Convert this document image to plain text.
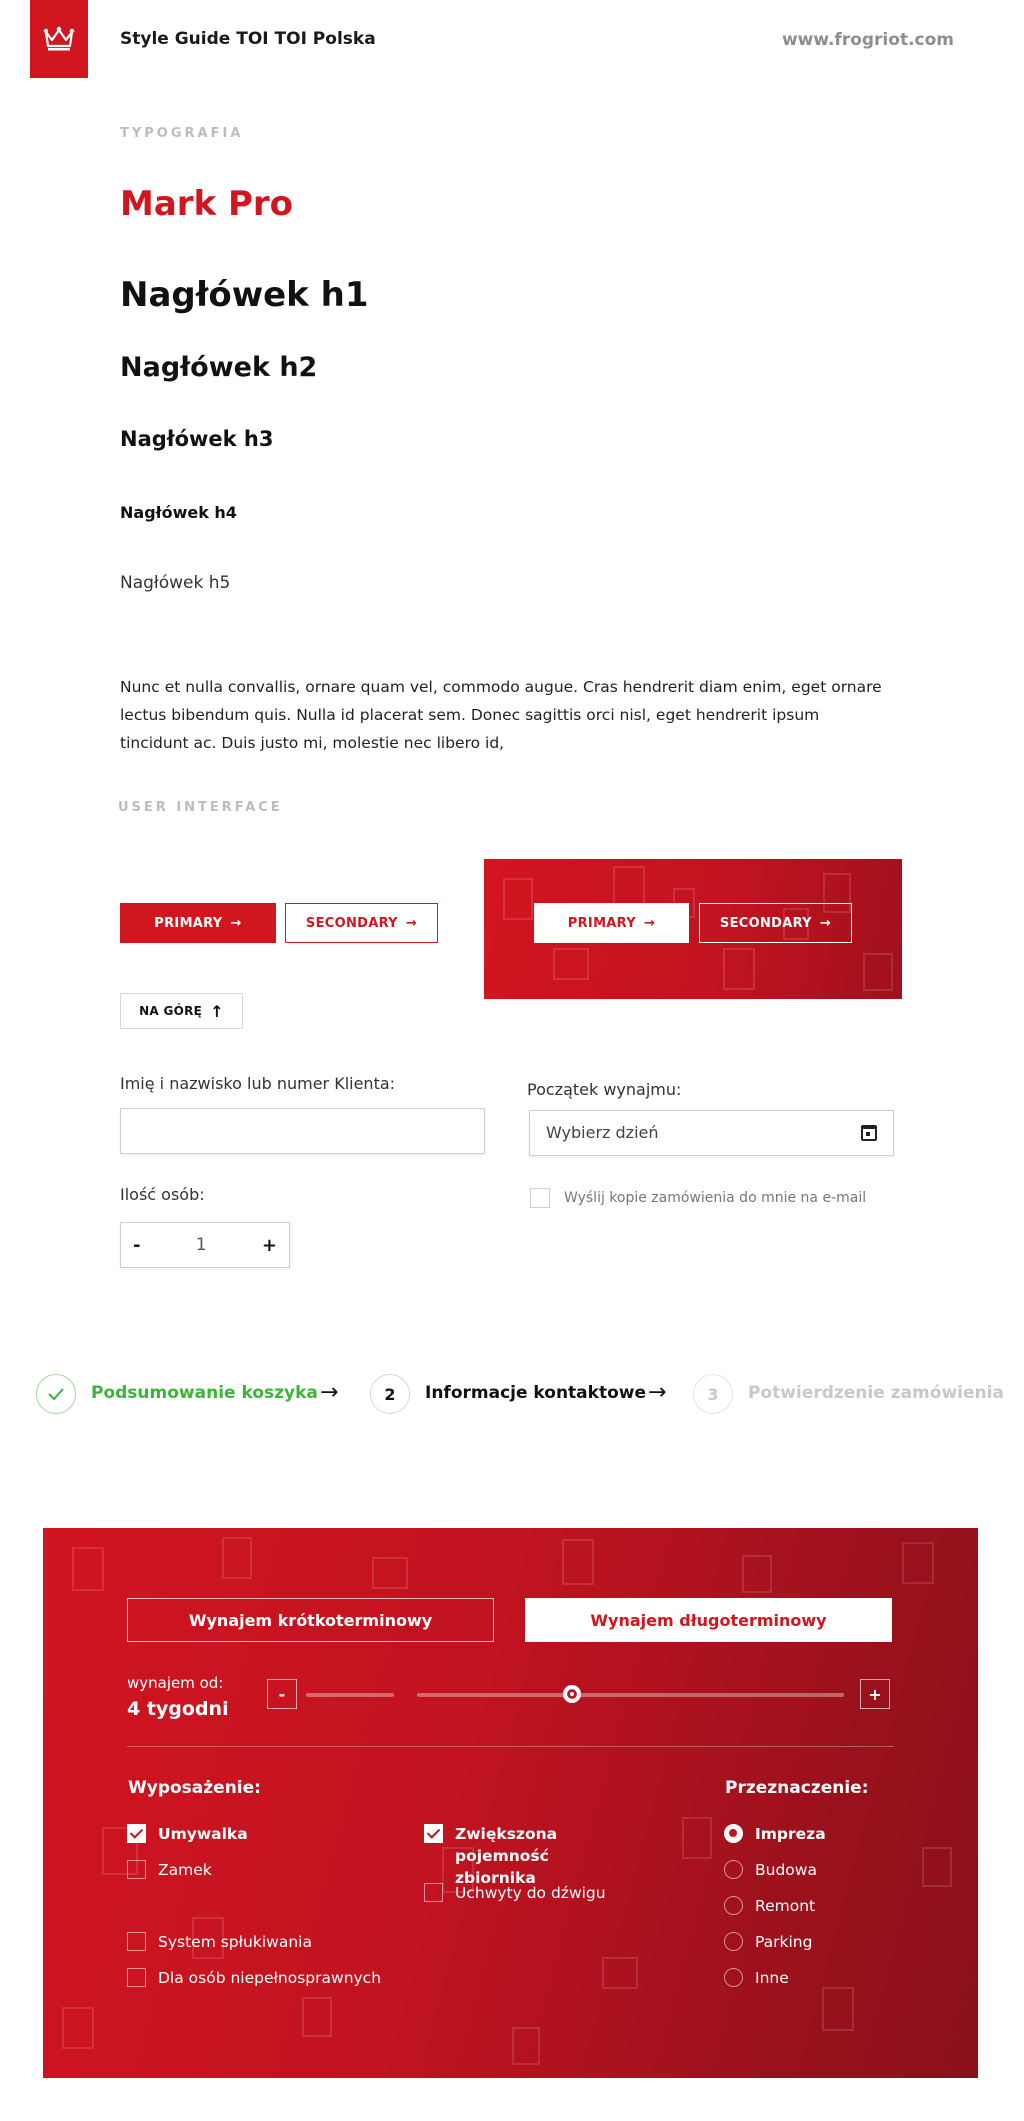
Style Guide TOI TOI Polska	www.frogriot.com
TYPOGRAFIA
Mark Pro
Nagłówek h1
Nagłówek h2
Nagłówek h3
Nagłówek h4
Nagłówek h5
Nunc et nulla convallis, ornare quam vel, commodo augue. Cras hendrerit diam enim, eget ornare lectus bibendum quis. Nulla id placerat sem. Donec sagittis orci nisl, eget hendrerit ipsum tincidunt ac. Duis justo mi, molestie nec libero id,
USER INTERFACE
PRIMARY →	SECONDARY →	PRIMARY →	SECONDARY →
NA GÓRĘ ↑
Imię i nazwisko lub numer Klienta:	Początek wynajmu:
Wybierz dzień
Ilość osób:
-	1	+
Wyślij kopie zamówienia do mnie na e-mail
Podsumowanie koszyka →	2	Informacje kontaktowe →	3	Potwierdzenie zamówienia
Wynajem krótkoterminowy	Wynajem długoterminowy
wynajem od:
4 tygodni
-	+
Wyposażenie:
Umywalka
Zamek
Zwiększona pojemność zbiornika
Uchwyty do dźwigu
System spłukiwania
Dla osób niepełnosprawnych
Przeznaczenie:
Impreza
Budowa
Remont
Parking
Inne
